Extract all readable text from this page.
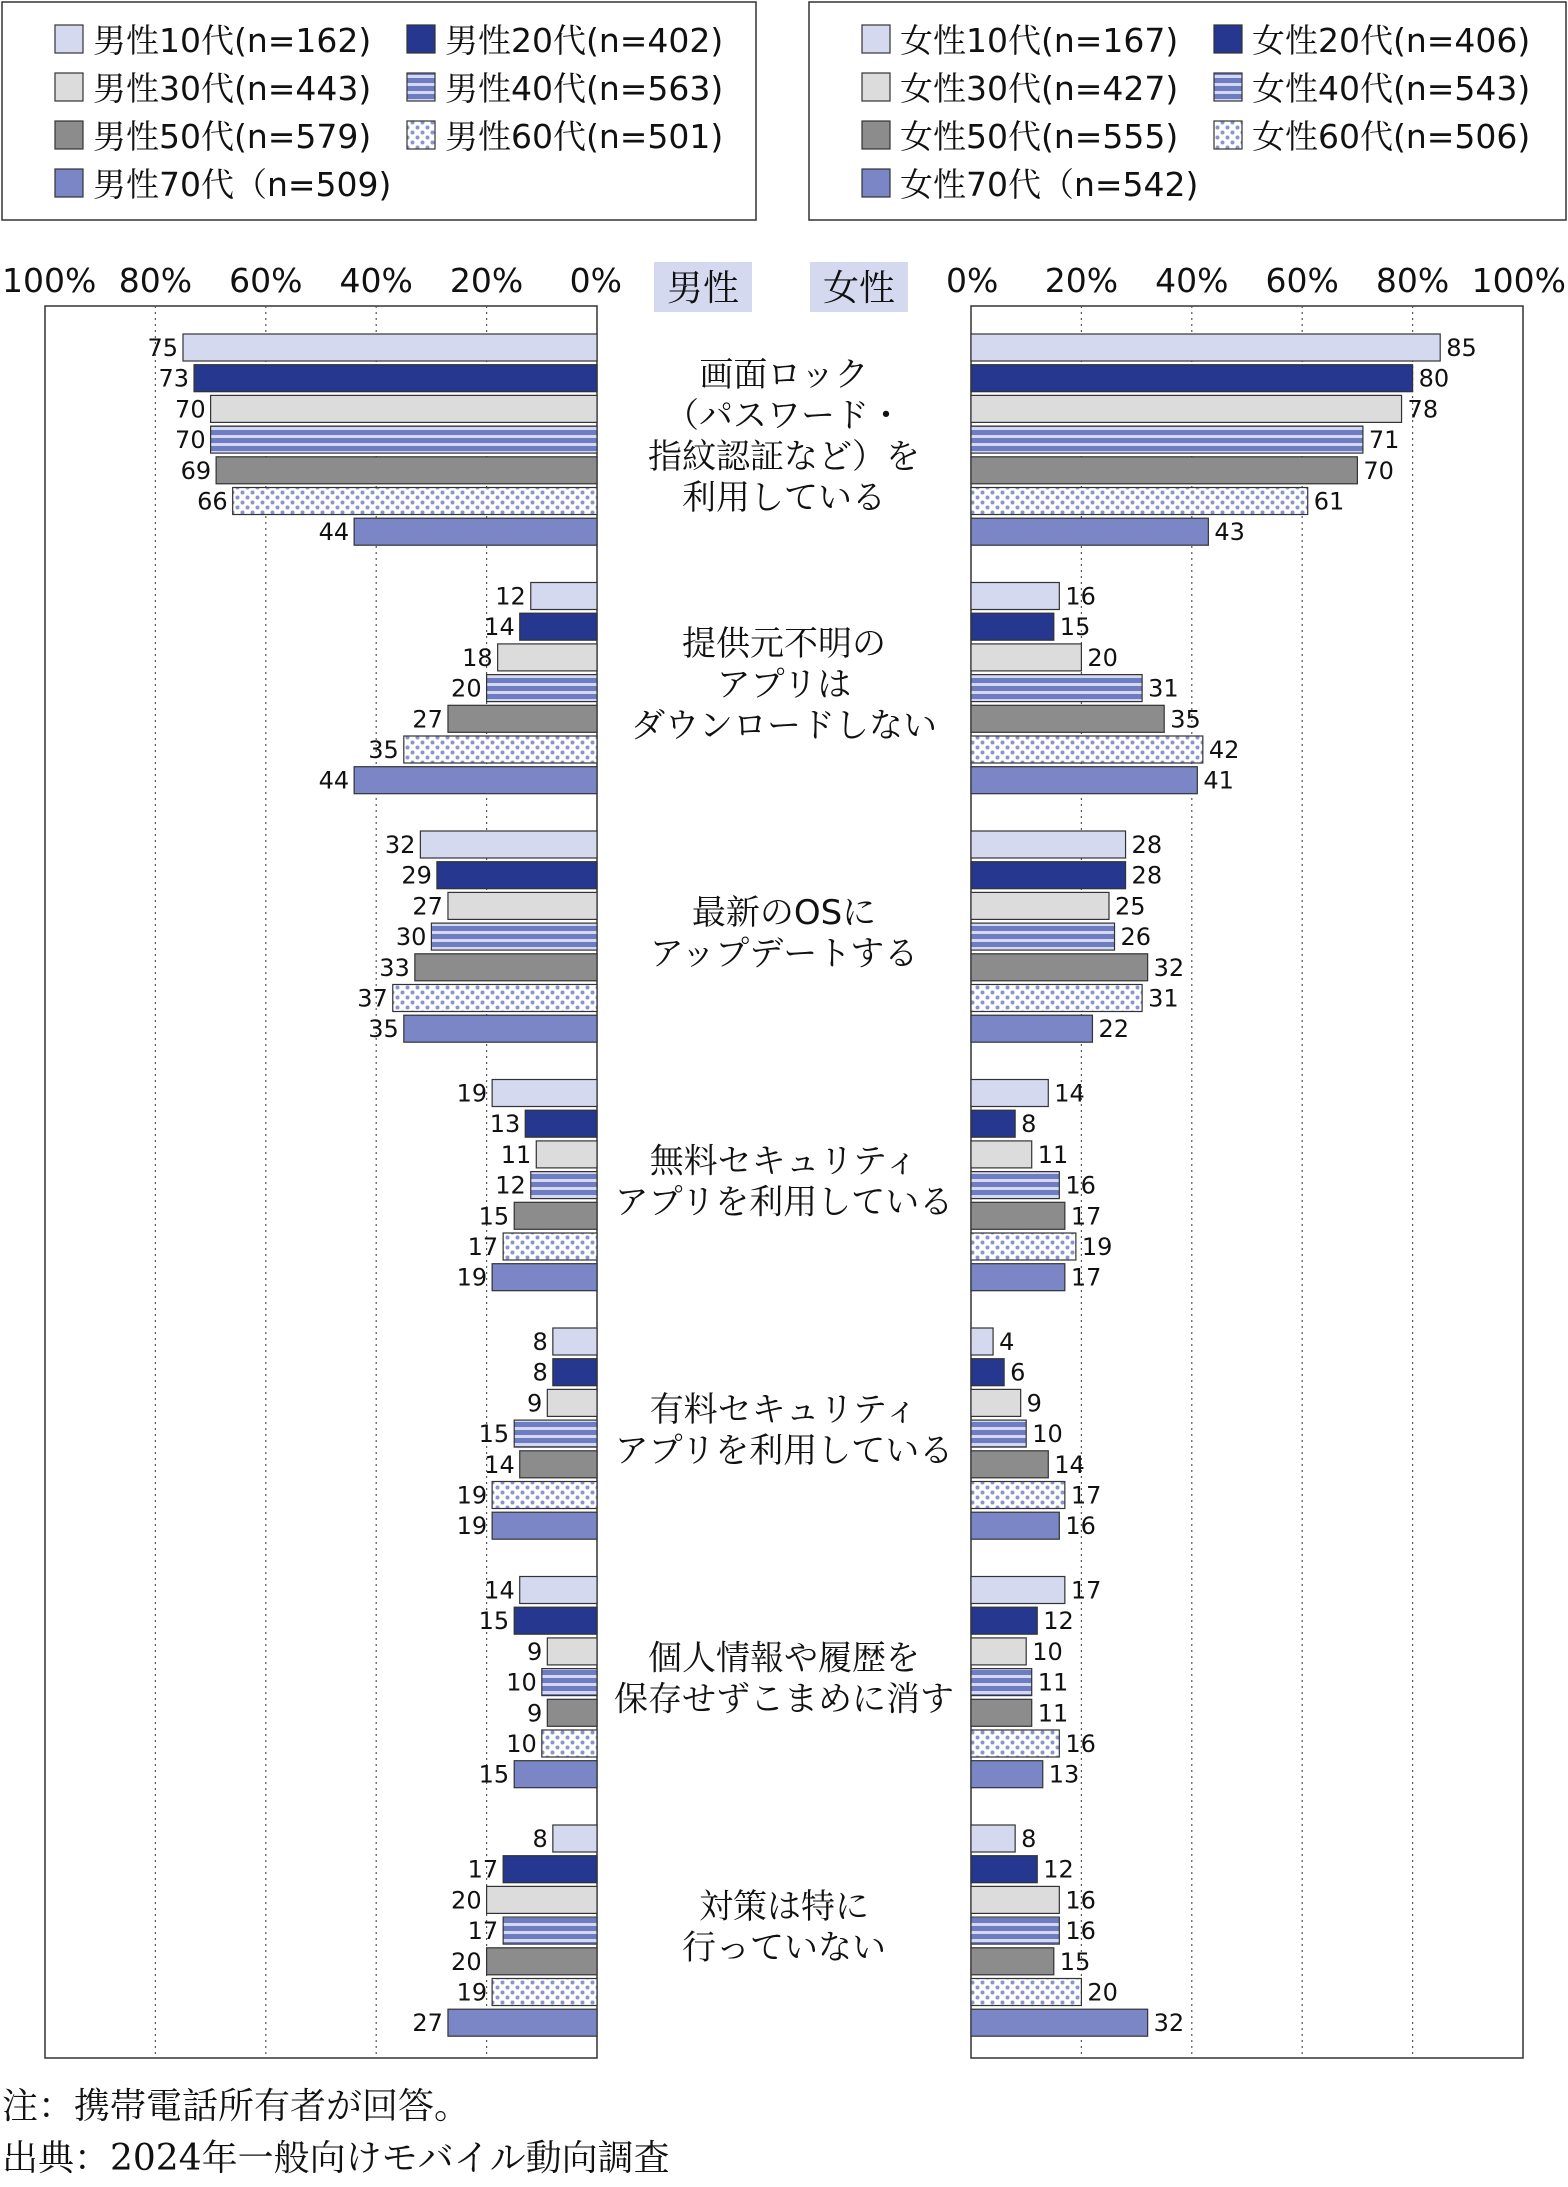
男性10代(n=162) 男性20代(n=402)
男性30代(n=443) 男性40代(n=563)
男性50代(n=579) 男性60代(n=501)
男性70代（n=509)
女性10代(n=167) 女性20代(n=406)
女性30代(n=427) 女性40代(n=543)
女性50代(n=555) 女性60代(n=506)
女性70代（n=542)
0%	0%
20%	20%
40%	40%
60%	60%
80%	80%
100%	100%
男性 女性
75	85
73	80
70	78
70	71
69	70
66	61
44	43
画面ロック
（パスワード・
指紋認証など）を
利用している
12	16
14	15
18	20
20	31
27	35
35	42
44	41
提供元不明の
アプリは
ダウンロードしない
32	28
29	28
27	25
30	26
33	32
37	31
35	22
最新のOSに
アップデートする
19	14
13	8
11	11
12	16
15	17
17	19
19	17
無料セキュリティ
アプリを利用している
8	4
8	6
9	9
15	10
14	14
19	17
19	16
有料セキュリティ
アプリを利用している
14	17
15	12
9	10
10	11
9	11
10	16
15	13
個人情報や履歴を
保存せずこまめに消す
8	8
17	12
20	16
17	16
20	15
19	20
27	32
対策は特に
行っていない
注：携帯電話所有者が回答。
出典：2024年一般向けモバイル動向調査
